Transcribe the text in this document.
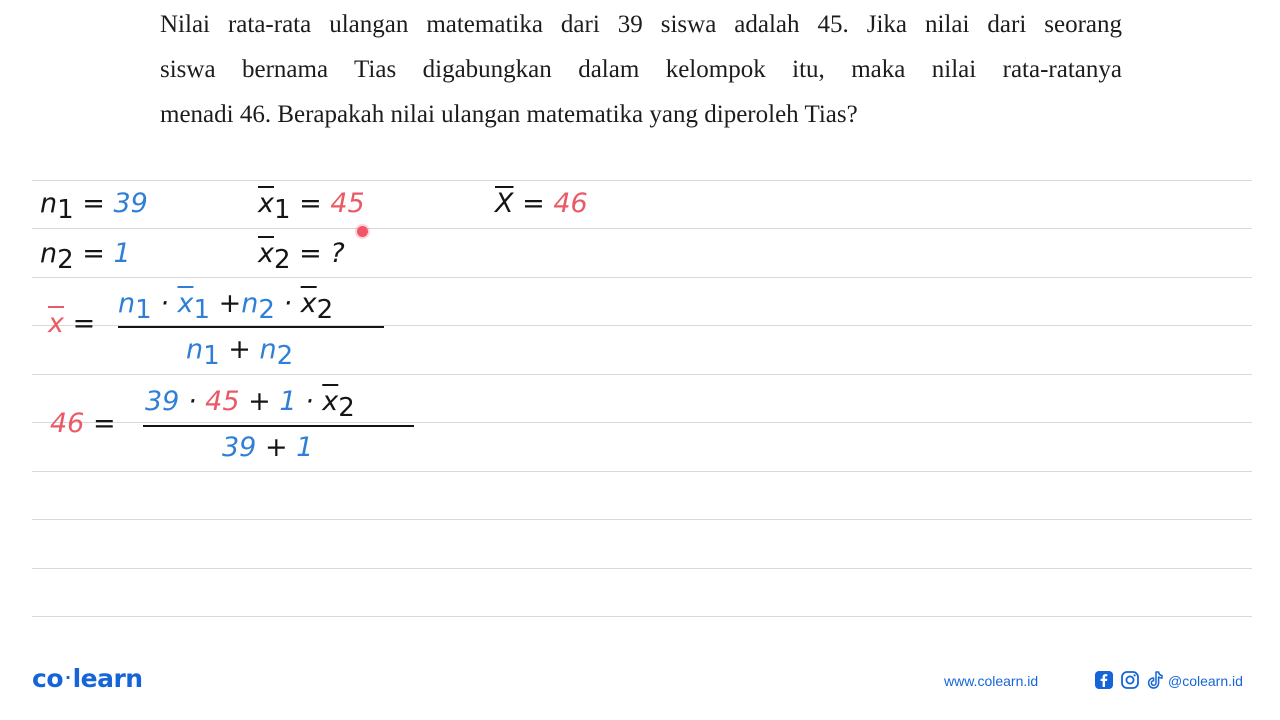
Nilai rata-rata ulangan matematika dari 39 siswa adalah 45. Jika nilai dari seorang
siswa bernama Tias digabungkan dalam kelompok itu, maka nilai rata-ratanya
menadi 46. Berapakah nilai ulangan matematika yang diperoleh Tias?
n1 = 39	$\overline{x}1 = 45$	$\overline{X} = 46$
n2 = 1	$\overline{x}2$ = ?
$\overline{x}$ =
$n1 \cdot \overline{x}1 +n2 \cdot \overline{x}2$
n1 + n2
46 =
$39 \cdot 45 + 1 \cdot \overline{x}2$
39 + 1
co ·learn	www.colearn.id	@colearn.id
